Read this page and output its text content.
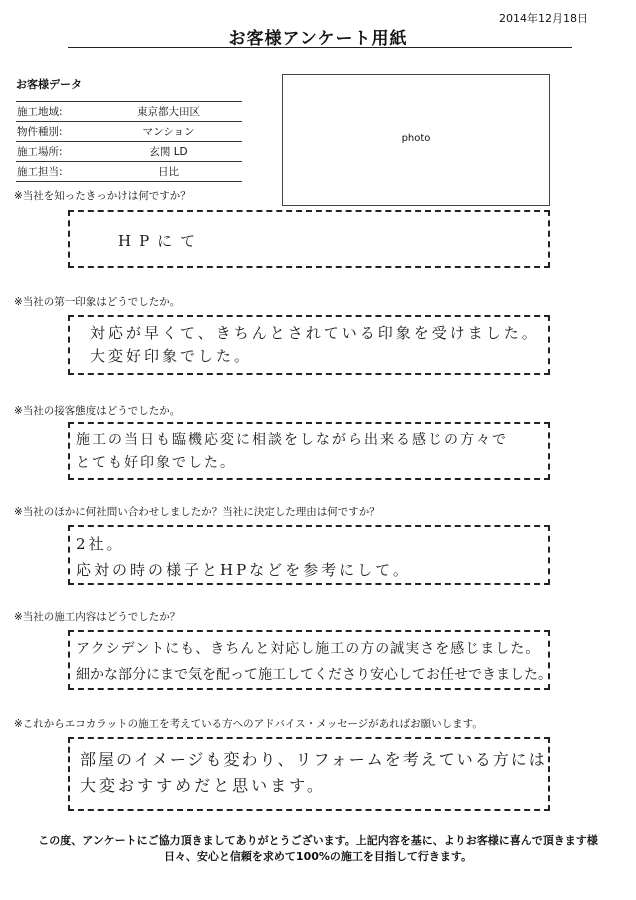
2014年12月18日
お客様アンケート用紙
お客様データ
施工地域:	東京都大田区
物件種別:	マンション
施工場所:	玄関 LD
施工担当:	日比
photo
※当社を知ったきっかけは何ですか？
HPにて
※当社の第一印象はどうでしたか。
対応が早くて、きちんとされている印象を受けました。
大変好印象でした。
※当社の接客態度はどうでしたか。
施工の当日も臨機応変に相談をしながら出来る感じの方々で
とても好印象でした。
※当社のほかに何社問い合わせしましたか？当社に決定した理由は何ですか？
2社。
応対の時の様子とHPなどを参考にして。
※当社の施工内容はどうでしたか？
アクシデントにも、きちんと対応し施工の方の誠実さを感じました。
細かな部分にまで気を配って施工してくださり安心してお任せできました。
※これからエコカラットの施工を考えている方へのアドバイス・メッセージがあればお願いします。
部屋のイメージも変わり、リフォームを考えている方には
大変おすすめだと思います。
この度、アンケートにご協力頂きましてありがとうございます。上記内容を基に、よりお客様に喜んで頂きます様
日々、安心と信頼を求めて100%の施工を目指して行きます。
